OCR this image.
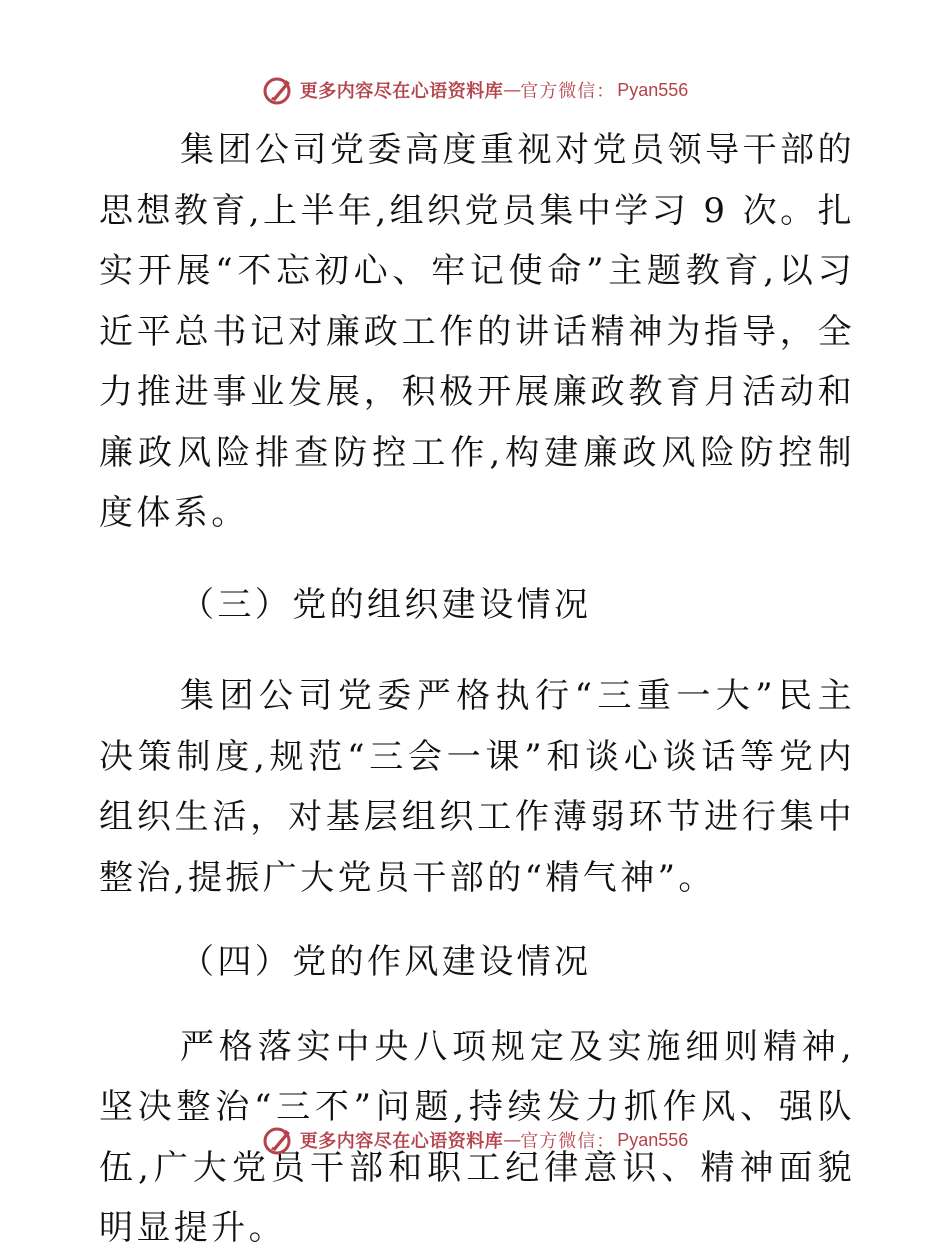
更多内容尽在心语资料库 — 官方微信： Pyan556

集团公司党委高度重视对党员领导干部的思想教育,上半年,组织党员集中学习 9 次。扎实开展“不忘初心、牢记使命”主题教育,以习近平总书记对廉政工作的讲话精神为指导，全力推进事业发展，积极开展廉政教育月活动和廉政风险排查防控工作,构建廉政风险防控制度体系。

（三）党的组织建设情况

集团公司党委严格执行“三重一大”民主决策制度,规范“三会一课”和谈心谈话等党内组织生活，对基层组织工作薄弱环节进行集中整治,提振广大党员干部的“精气神”。

（四）党的作风建设情况

严格落实中央八项规定及实施细则精神,坚决整治“三不”问题,持续发力抓作风、强队伍,广大党员干部和职工纪律意识、精神面貌明显提升。

更多内容尽在心语资料库 — 官方微信： Pyan556
